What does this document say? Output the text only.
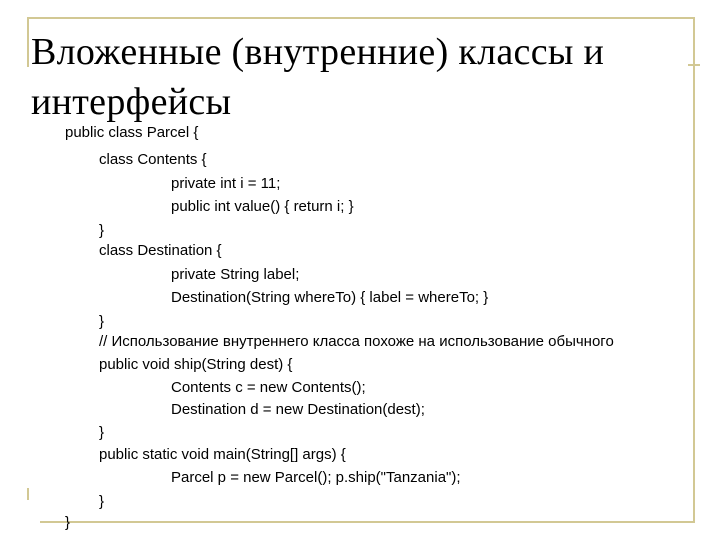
Вложенные (внутренние) классы и
интерфейсы
public class Parcel {
class Contents {
private int i = 11;
public int value() { return i; }
}
class Destination {
private String label;
Destination(String whereTo) { label = whereTo; }
}
// Использование внутреннего класса похоже на использование обычного
public void ship(String dest) {
Contents c = new Contents();
Destination d = new Destination(dest);
}
public static void main(String[] args) {
Parcel p = new Parcel(); p.ship("Tanzania");
}
}
